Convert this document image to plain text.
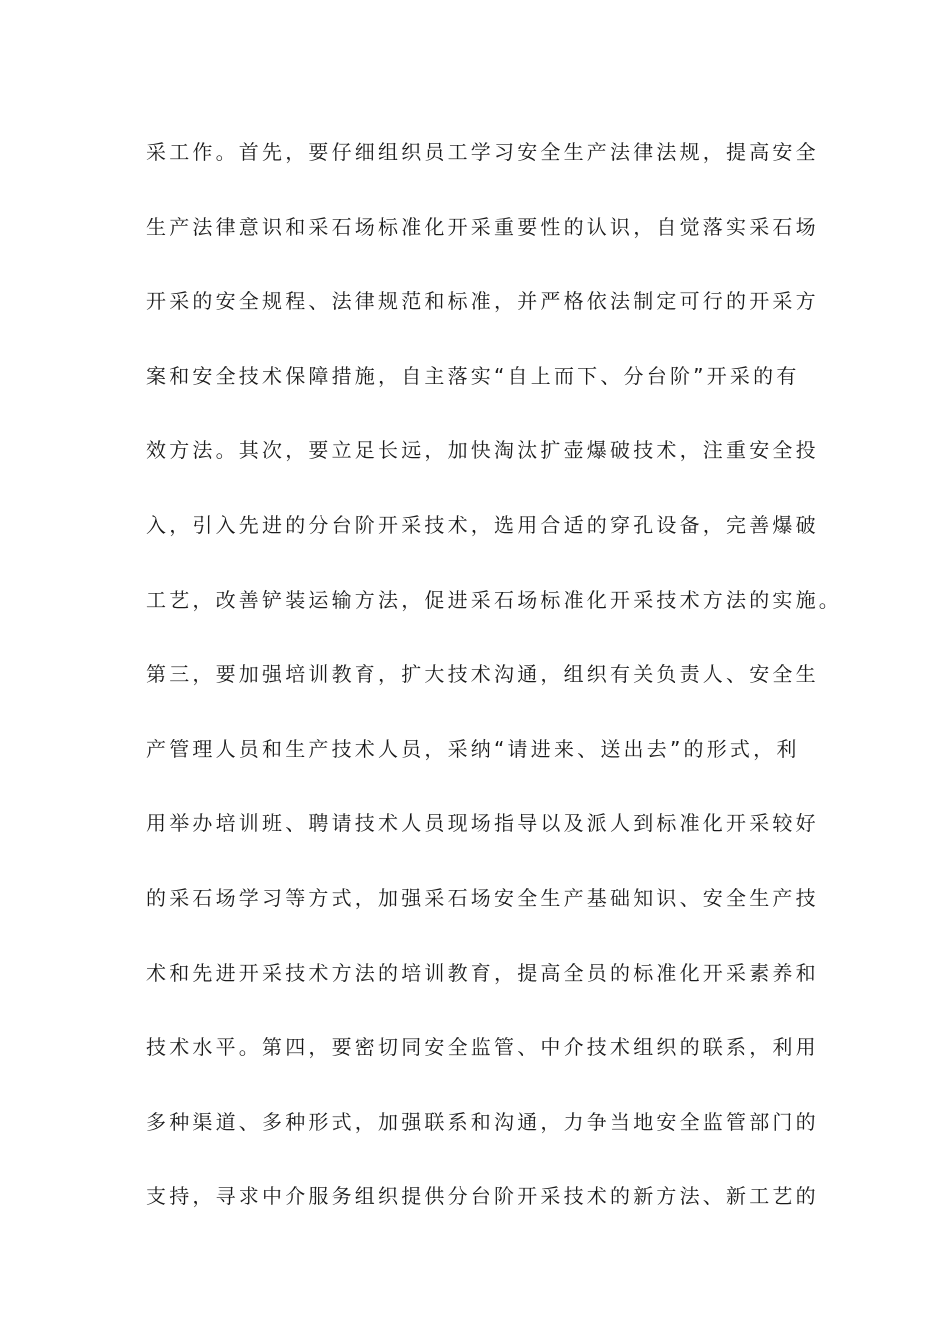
采工作。首先，要仔细组织员工学习安全生产法律法规，提高安全
生产法律意识和采石场标准化开采重要性的认识，自觉落实采石场
开采的安全规程、法律规范和标准，并严格依法制定可行的开采方
案和安全技术保障措施，自主落实“自上而下、分台阶”开采的有
效方法。其次，要立足长远，加快淘汰扩壶爆破技术，注重安全投
入，引入先进的分台阶开采技术，选用合适的穿孔设备，完善爆破
工艺，改善铲装运输方法，促进采石场标准化开采技术方法的实施。
第三，要加强培训教育，扩大技术沟通，组织有关负责人、安全生
产管理人员和生产技术人员，采纳“请进来、送出去”的形式，利
用举办培训班、聘请技术人员现场指导以及派人到标准化开采较好
的采石场学习等方式，加强采石场安全生产基础知识、安全生产技
术和先进开采技术方法的培训教育，提高全员的标准化开采素养和
技术水平。第四，要密切同安全监管、中介技术组织的联系，利用
多种渠道、多种形式，加强联系和沟通，力争当地安全监管部门的
支持，寻求中介服务组织提供分台阶开采技术的新方法、新工艺的
